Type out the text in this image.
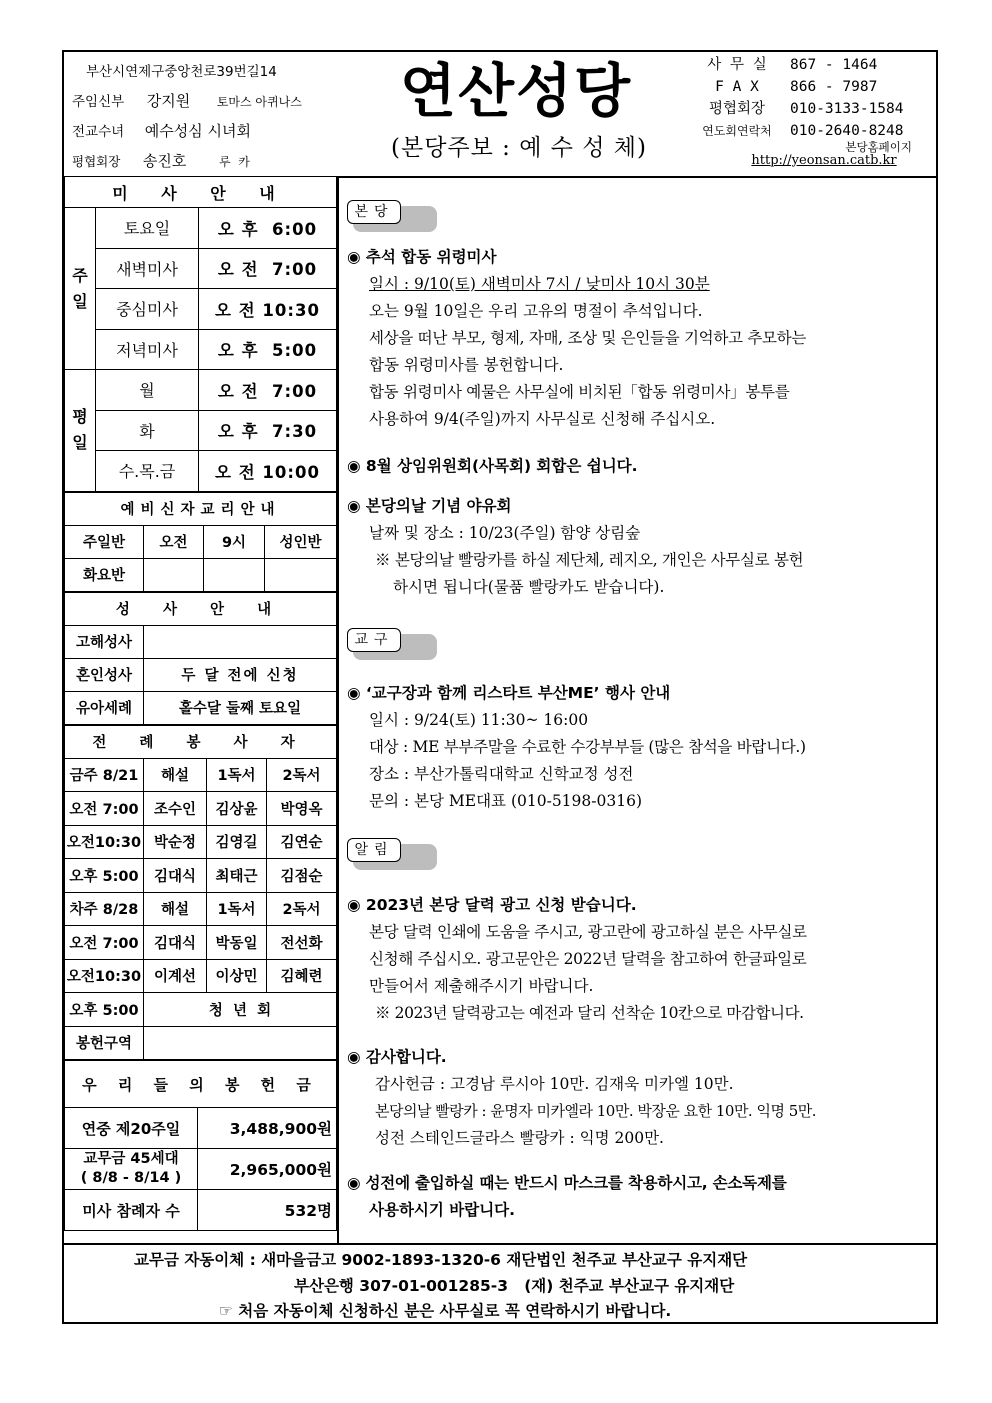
부산시연제구중앙천로39번길14
주임신부 강지원 토마스 아퀴나스
전교수녀 예수성심 시녀회
평협회장 송진호	루  카
연산성당
(본당주보 : 예 수 성 체)
사 무 실	867 - 1464
F A X	866 - 7987
평협회장	010-3133-1584
연도회연락처	010-2640-8248
본당홈페이지
http://yeonsan.catb.kr
미 사 안 내		
주일	토요일	오 후  6:00
	새벽미사	오 전  7:00
	중심미사	오 전 10:30
	저녁미사	오 후  5:00
평일	월	오 전  7:00
	화	오 후  7:30
	수.목.금	오 전 10:00
예비신자교리안내			
주일반	오전	9시	성인반
화요반			
성 사 안 내	
고해성사	
혼인성사	두 달 전에 신청
유아세례	홀수달 둘째 토요일
전 례 봉 사 자			
금주 8/21	해설	1독서	2독서
오전 7:00	조수인	김상윤	박영옥
오전10:30	박순정	김영길	김연순
오후 5:00	김대식	최태근	김점순
차주 8/28	해설	1독서	2독서
오전 7:00	김대식	박동일	전선화
오전10:30	이계선	이상민	김혜련
오후 5:00	청  년  회		
봉헌구역			
우 리 들 의 봉 헌 금	
연중 제20주일	3,488,900원
교무금 45세대
( 8/8 - 8/14 )	2,965,000원
미사 참례자 수	532명
본당
◉ 추석 합동 위령미사
일시 : 9/10(토) 새벽미사 7시 / 낮미사 10시 30분
오는 9월 10일은 우리 고유의 명절이 추석입니다.
세상을 떠난 부모, 형제, 자매, 조상 및 은인들을 기억하고 추모하는
합동 위령미사를 봉헌합니다.
합동 위령미사 예물은 사무실에 비치된「합동 위령미사」봉투를
사용하여 9/4(주일)까지 사무실로 신청해 주십시오.
◉ 8월 상임위원회(사목회) 회합은 쉽니다.
◉ 본당의날 기념 야유회
날짜 및 장소 : 10/23(주일) 함양 상림숲
※ 본당의날 빨랑카를 하실 제단체, 레지오, 개인은 사무실로 봉헌
하시면 됩니다(물품 빨랑카도 받습니다).
교구
◉ ‘교구장과 함께 리스타트 부산ME’ 행사 안내
일시 : 9/24(토) 11:30~ 16:00
대상 : ME 부부주말을 수료한 수강부부들 (많은 참석을 바랍니다.)
장소 : 부산가톨릭대학교 신학교정 성전
문의 : 본당 ME대표 (010-5198-0316)
알림
◉ 2023년 본당 달력 광고 신청 받습니다.
본당 달력 인쇄에 도움을 주시고, 광고란에 광고하실 분은 사무실로
신청해 주십시오. 광고문안은 2022년 달력을 참고하여 한글파일로
만들어서 제출해주시기 바랍니다.
※ 2023년 달력광고는 예전과 달리 선착순 10칸으로 마감합니다.
◉ 감사합니다.
감사헌금 : 고경남 루시아 10만. 김재욱 미카엘 10만.
본당의날 빨랑카 : 윤명자 미카엘라 10만. 박장운 요한 10만. 익명 5만.
성전 스테인드글라스 빨랑카 : 익명 200만.
◉ 성전에 출입하실 때는 반드시 마스크를 착용하시고, 손소독제를
사용하시기 바랍니다.
교무금 자동이체 : 새마을금고 9002-1893-1320-6 재단법인 천주교 부산교구 유지재단
부산은행 307-01-001285-3   (재) 천주교 부산교구 유지재단
☞ 처음 자동이체 신청하신 분은 사무실로 꼭 연락하시기 바랍니다.
